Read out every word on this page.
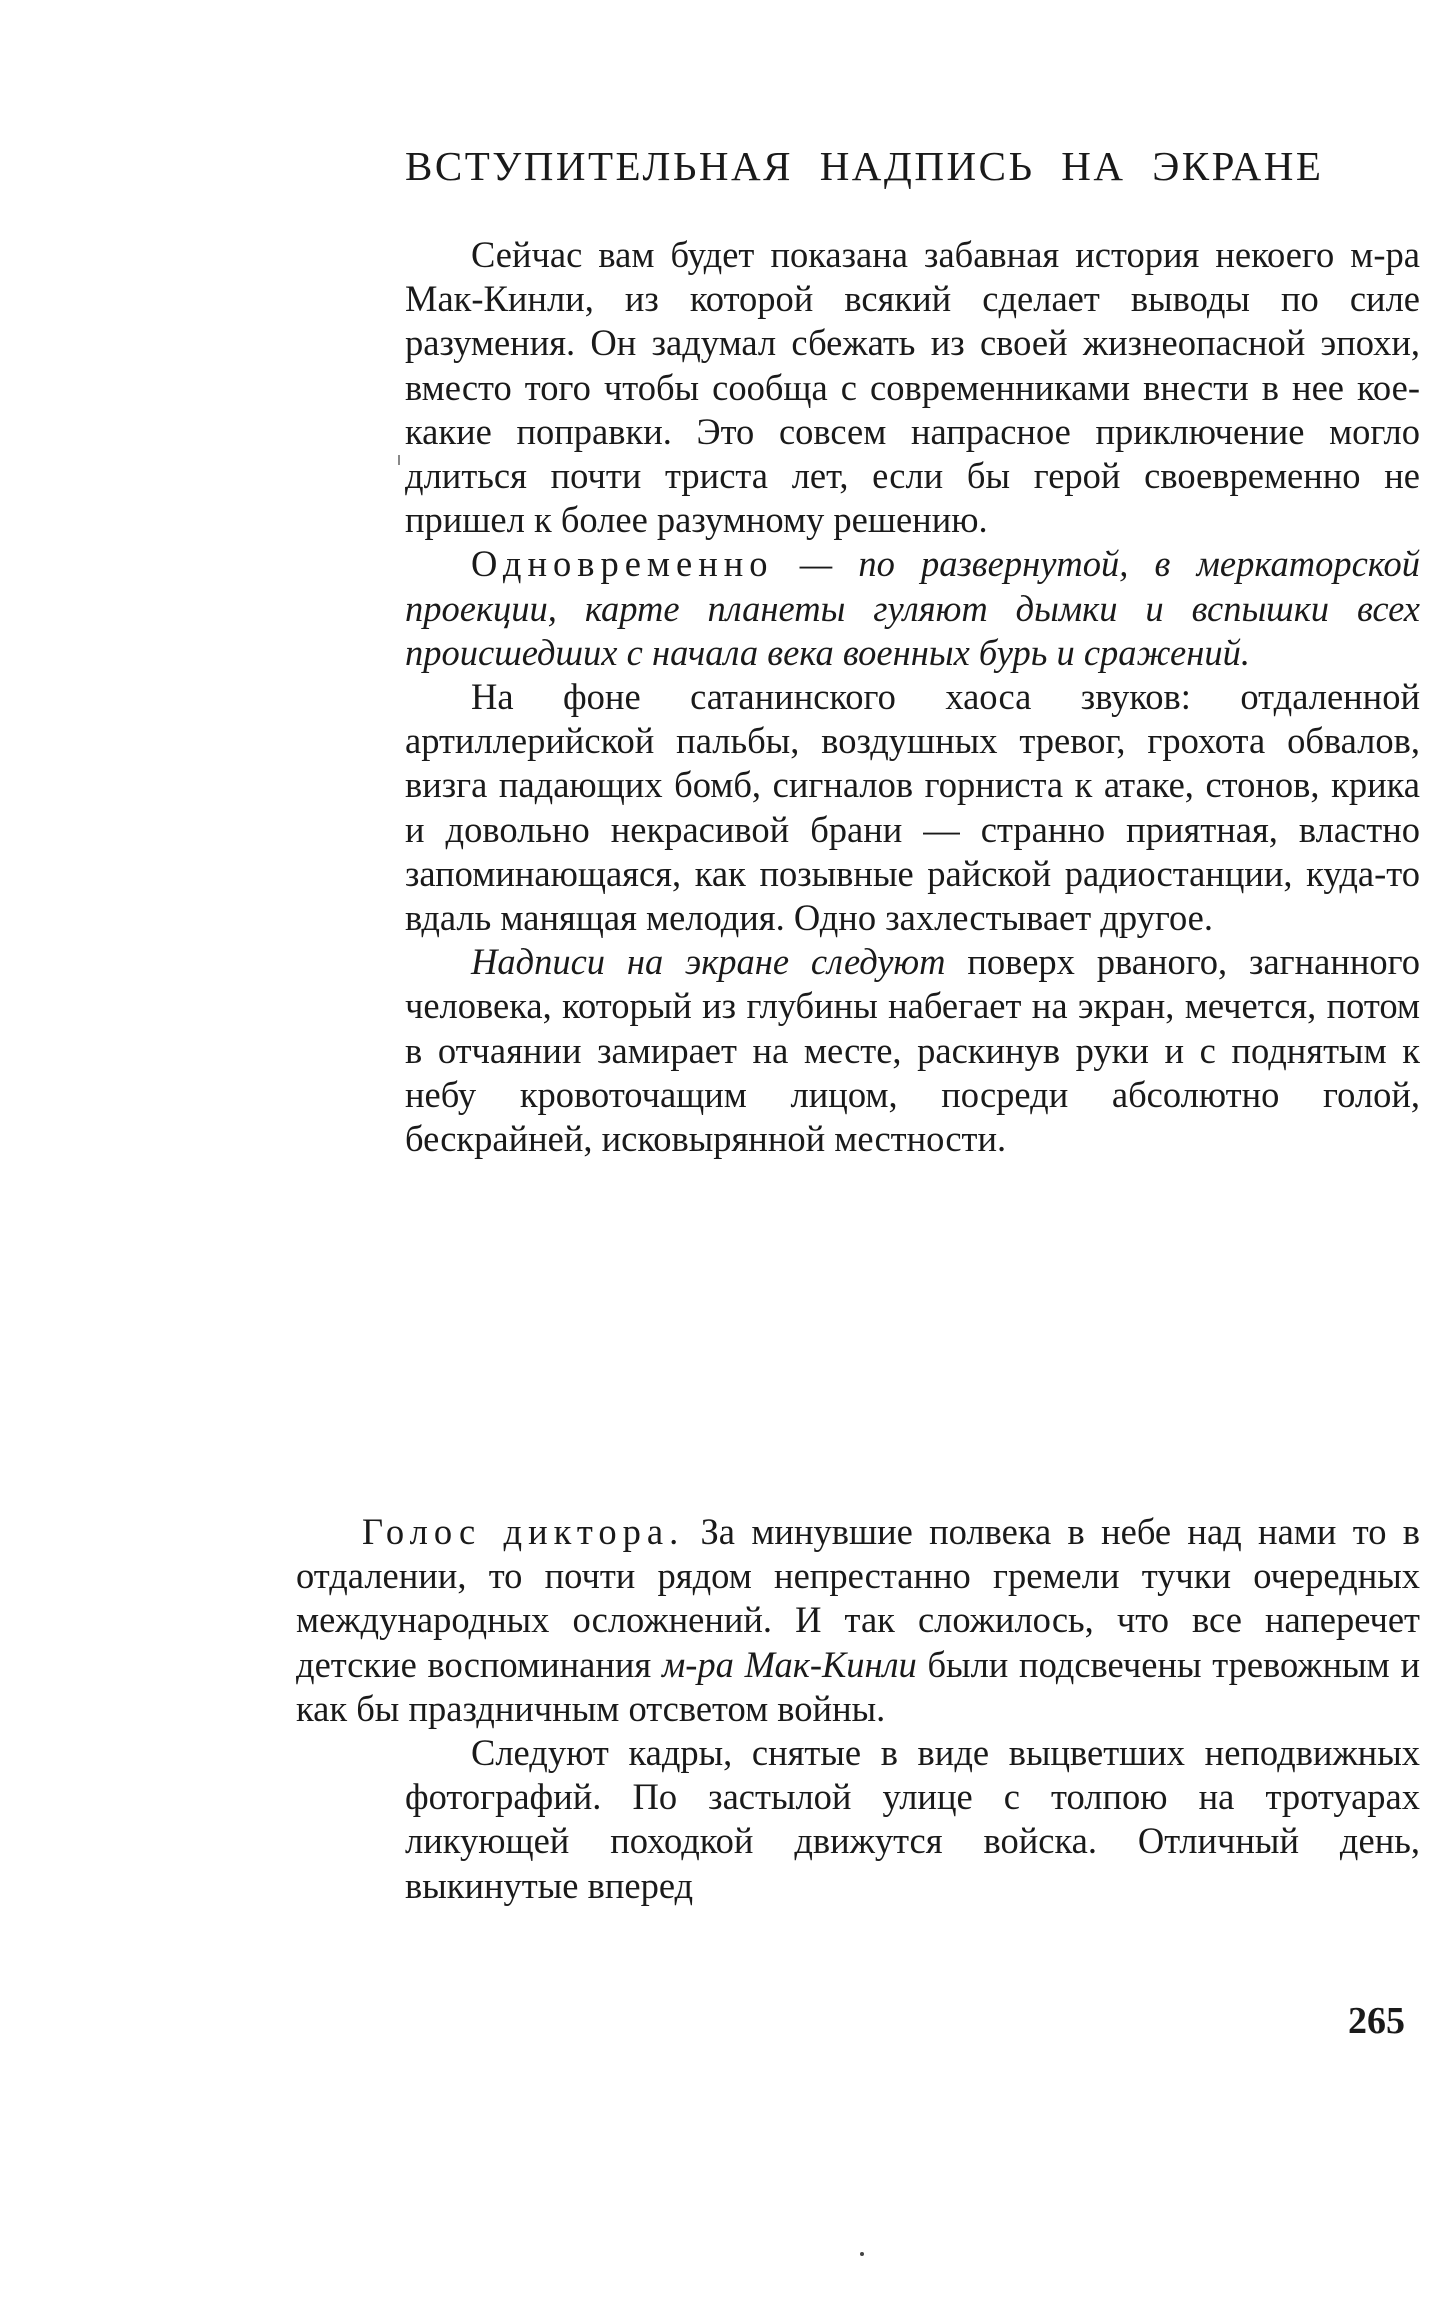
ВСТУПИТЕЛЬНАЯ НАДПИСЬ НА ЭКРАНЕ

Сейчас вам будет показана забавная история некоего м-ра Мак-Кинли, из которой всякий сделает выводы по силе разумения. Он задумал сбежать из своей жизнеопасной эпохи, вместо того чтобы сообща с современниками внести в нее кое-какие поправки. Это совсем напрасное приключение могло длиться почти триста лет, если бы герой своевременно не пришел к более разумному решению.

Одновременно — по развернутой, в меркаторской проекции, карте планеты гуляют дымки и вспышки всех происшедших с начала века военных бурь и сражений.

На фоне сатанинского хаоса звуков: отдаленной артиллерийской пальбы, воздушных тревог, грохота обвалов, визга падающих бомб, сигналов горниста к атаке, стонов, крика и довольно некрасивой брани — странно приятная, властно запоминающаяся, как позывные райской радиостанции, куда-то вдаль манящая мелодия. Одно захлестывает другое.

Надписи на экране следуют поверх рваного, загнанного человека, который из глубины набегает на экран, мечется, потом в отчаянии замирает на месте, раскинув руки и с поднятым к небу кровоточащим лицом, посреди абсолютно голой, бескрайней, исковырянной местности.

Голос диктора. За минувшие полвека в небе над нами то в отдалении, то почти рядом непрестанно гремели тучки очередных международных осложнений. И так сложилось, что все наперечет детские воспоминания м-ра Мак-Кинли были подсвечены тревожным и как бы праздничным отсветом войны.

Следуют кадры, снятые в виде выцветших неподвижных фотографий. По застылой улице с толпою на тротуарах ликующей походкой движутся войска. Отличный день, выкинутые вперед

265
